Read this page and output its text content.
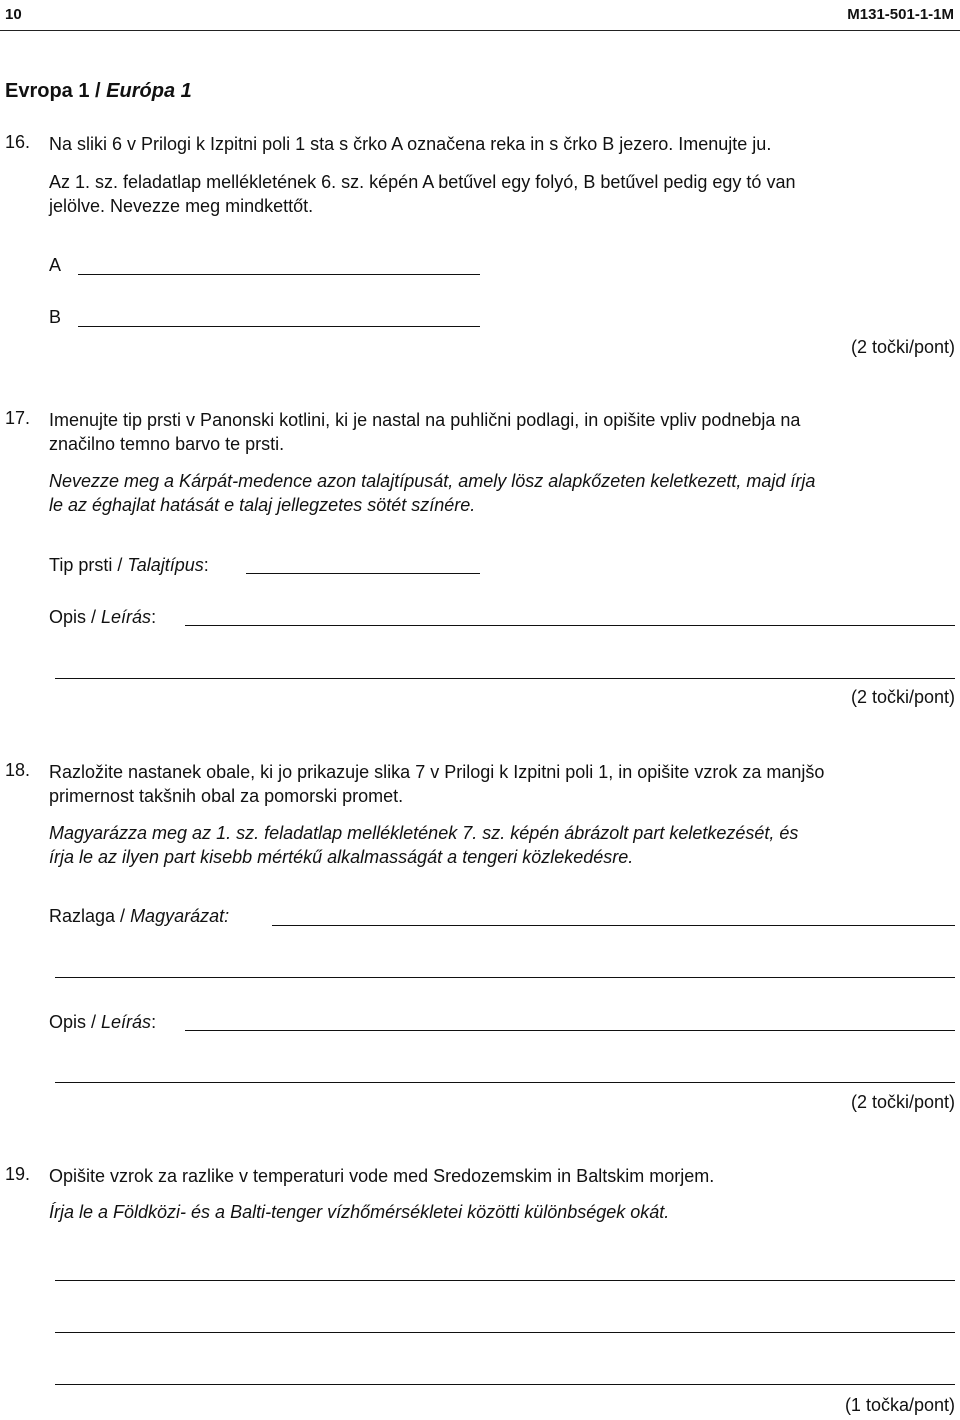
10	M131-501-1-1M
Evropa 1 / Európa 1
16. Na sliki 6 v Prilogi k Izpitni poli 1 sta s črko A označena reka in s črko B jezero. Imenujte ju.
Az 1. sz. feladatlap mellékletének 6. sz. képén A betűvel egy folyó, B betűvel pedig egy tó van
jelölve. Nevezze meg mindkettőt.
A
B
(2 točki/pont)
17. Imenujte tip prsti v Panonski kotlini, ki je nastal na puhlični podlagi, in opišite vpliv podnebja na
značilno temno barvo te prsti.
Nevezze meg a Kárpát-medence azon talajtípusát, amely lösz alapkőzeten keletkezett, majd írja
le az éghajlat hatását e talaj jellegzetes sötét színére.
Tip prsti / Talajtípus:
Opis / Leírás:
(2 točki/pont)
18. Razložite nastanek obale, ki jo prikazuje slika 7 v Prilogi k Izpitni poli 1, in opišite vzrok za manjšo
primernost takšnih obal za pomorski promet.
Magyarázza meg az 1. sz. feladatlap mellékletének 7. sz. képén ábrázolt part keletkezését, és
írja le az ilyen part kisebb mértékű alkalmasságát a tengeri közlekedésre.
Razlaga / Magyarázat:
Opis / Leírás:
(2 točki/pont)
19. Opišite vzrok za razlike v temperaturi vode med Sredozemskim in Baltskim morjem.
Írja le a Földközi- és a Balti-tenger vízhőmérsékletei közötti különbségek okát.
(1 točka/pont)
